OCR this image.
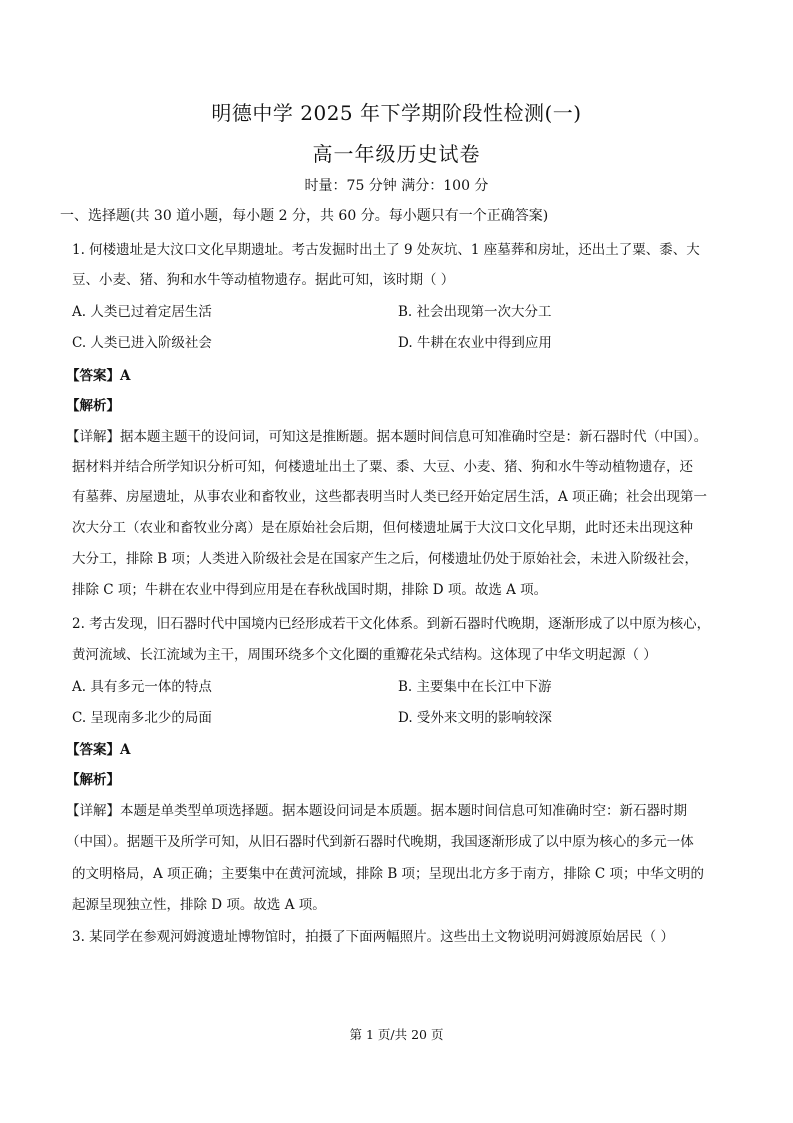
明德中学 2025 年下学期阶段性检测(一)
高一年级历史试卷
时量：75 分钟 满分：100 分
一、选择题(共 30 道小题，每小题 2 分，共 60 分。每小题只有一个正确答案)
1. 何楼遗址是大汶口文化早期遗址。考古发掘时出土了 9 处灰坑、1 座墓葬和房址，还出土了粟、黍、大
豆、小麦、猪、狗和水牛等动植物遗存。据此可知，该时期（ ）
A. 人类已过着定居生活	B. 社会出现第一次大分工
C. 人类已进入阶级社会	D. 牛耕在农业中得到应用
【答案】A
【解析】
【详解】据本题主题干的设问词，可知这是推断题。据本题时间信息可知准确时空是：新石器时代（中国）。
据材料并结合所学知识分析可知，何楼遗址出土了粟、黍、大豆、小麦、猪、狗和水牛等动植物遗存，还
有墓葬、房屋遗址，从事农业和畜牧业，这些都表明当时人类已经开始定居生活，A 项正确；社会出现第一
次大分工（农业和畜牧业分离）是在原始社会后期，但何楼遗址属于大汶口文化早期，此时还未出现这种
大分工，排除 B 项；人类进入阶级社会是在国家产生之后，何楼遗址仍处于原始社会，未进入阶级社会，
排除 C 项；牛耕在农业中得到应用是在春秋战国时期，排除 D 项。故选 A 项。
2. 考古发现，旧石器时代中国境内已经形成若干文化体系。到新石器时代晚期，逐渐形成了以中原为核心，
黄河流域、长江流域为主干，周围环绕多个文化圈的重瓣花朵式结构。这体现了中华文明起源（ ）
A. 具有多元一体的特点	B. 主要集中在长江中下游
C. 呈现南多北少的局面	D. 受外来文明的影响较深
【答案】A
【解析】
【详解】本题是单类型单项选择题。据本题设问词是本质题。据本题时间信息可知准确时空：新石器时期
（中国）。据题干及所学可知，从旧石器时代到新石器时代晚期，我国逐渐形成了以中原为核心的多元一体
的文明格局，A 项正确；主要集中在黄河流域，排除 B 项；呈现出北方多于南方，排除 C 项；中华文明的
起源呈现独立性，排除 D 项。故选 A 项。
3. 某同学在参观河姆渡遗址博物馆时，拍摄了下面两幅照片。这些出土文物说明河姆渡原始居民（ ）
第 1 页/共 20 页
